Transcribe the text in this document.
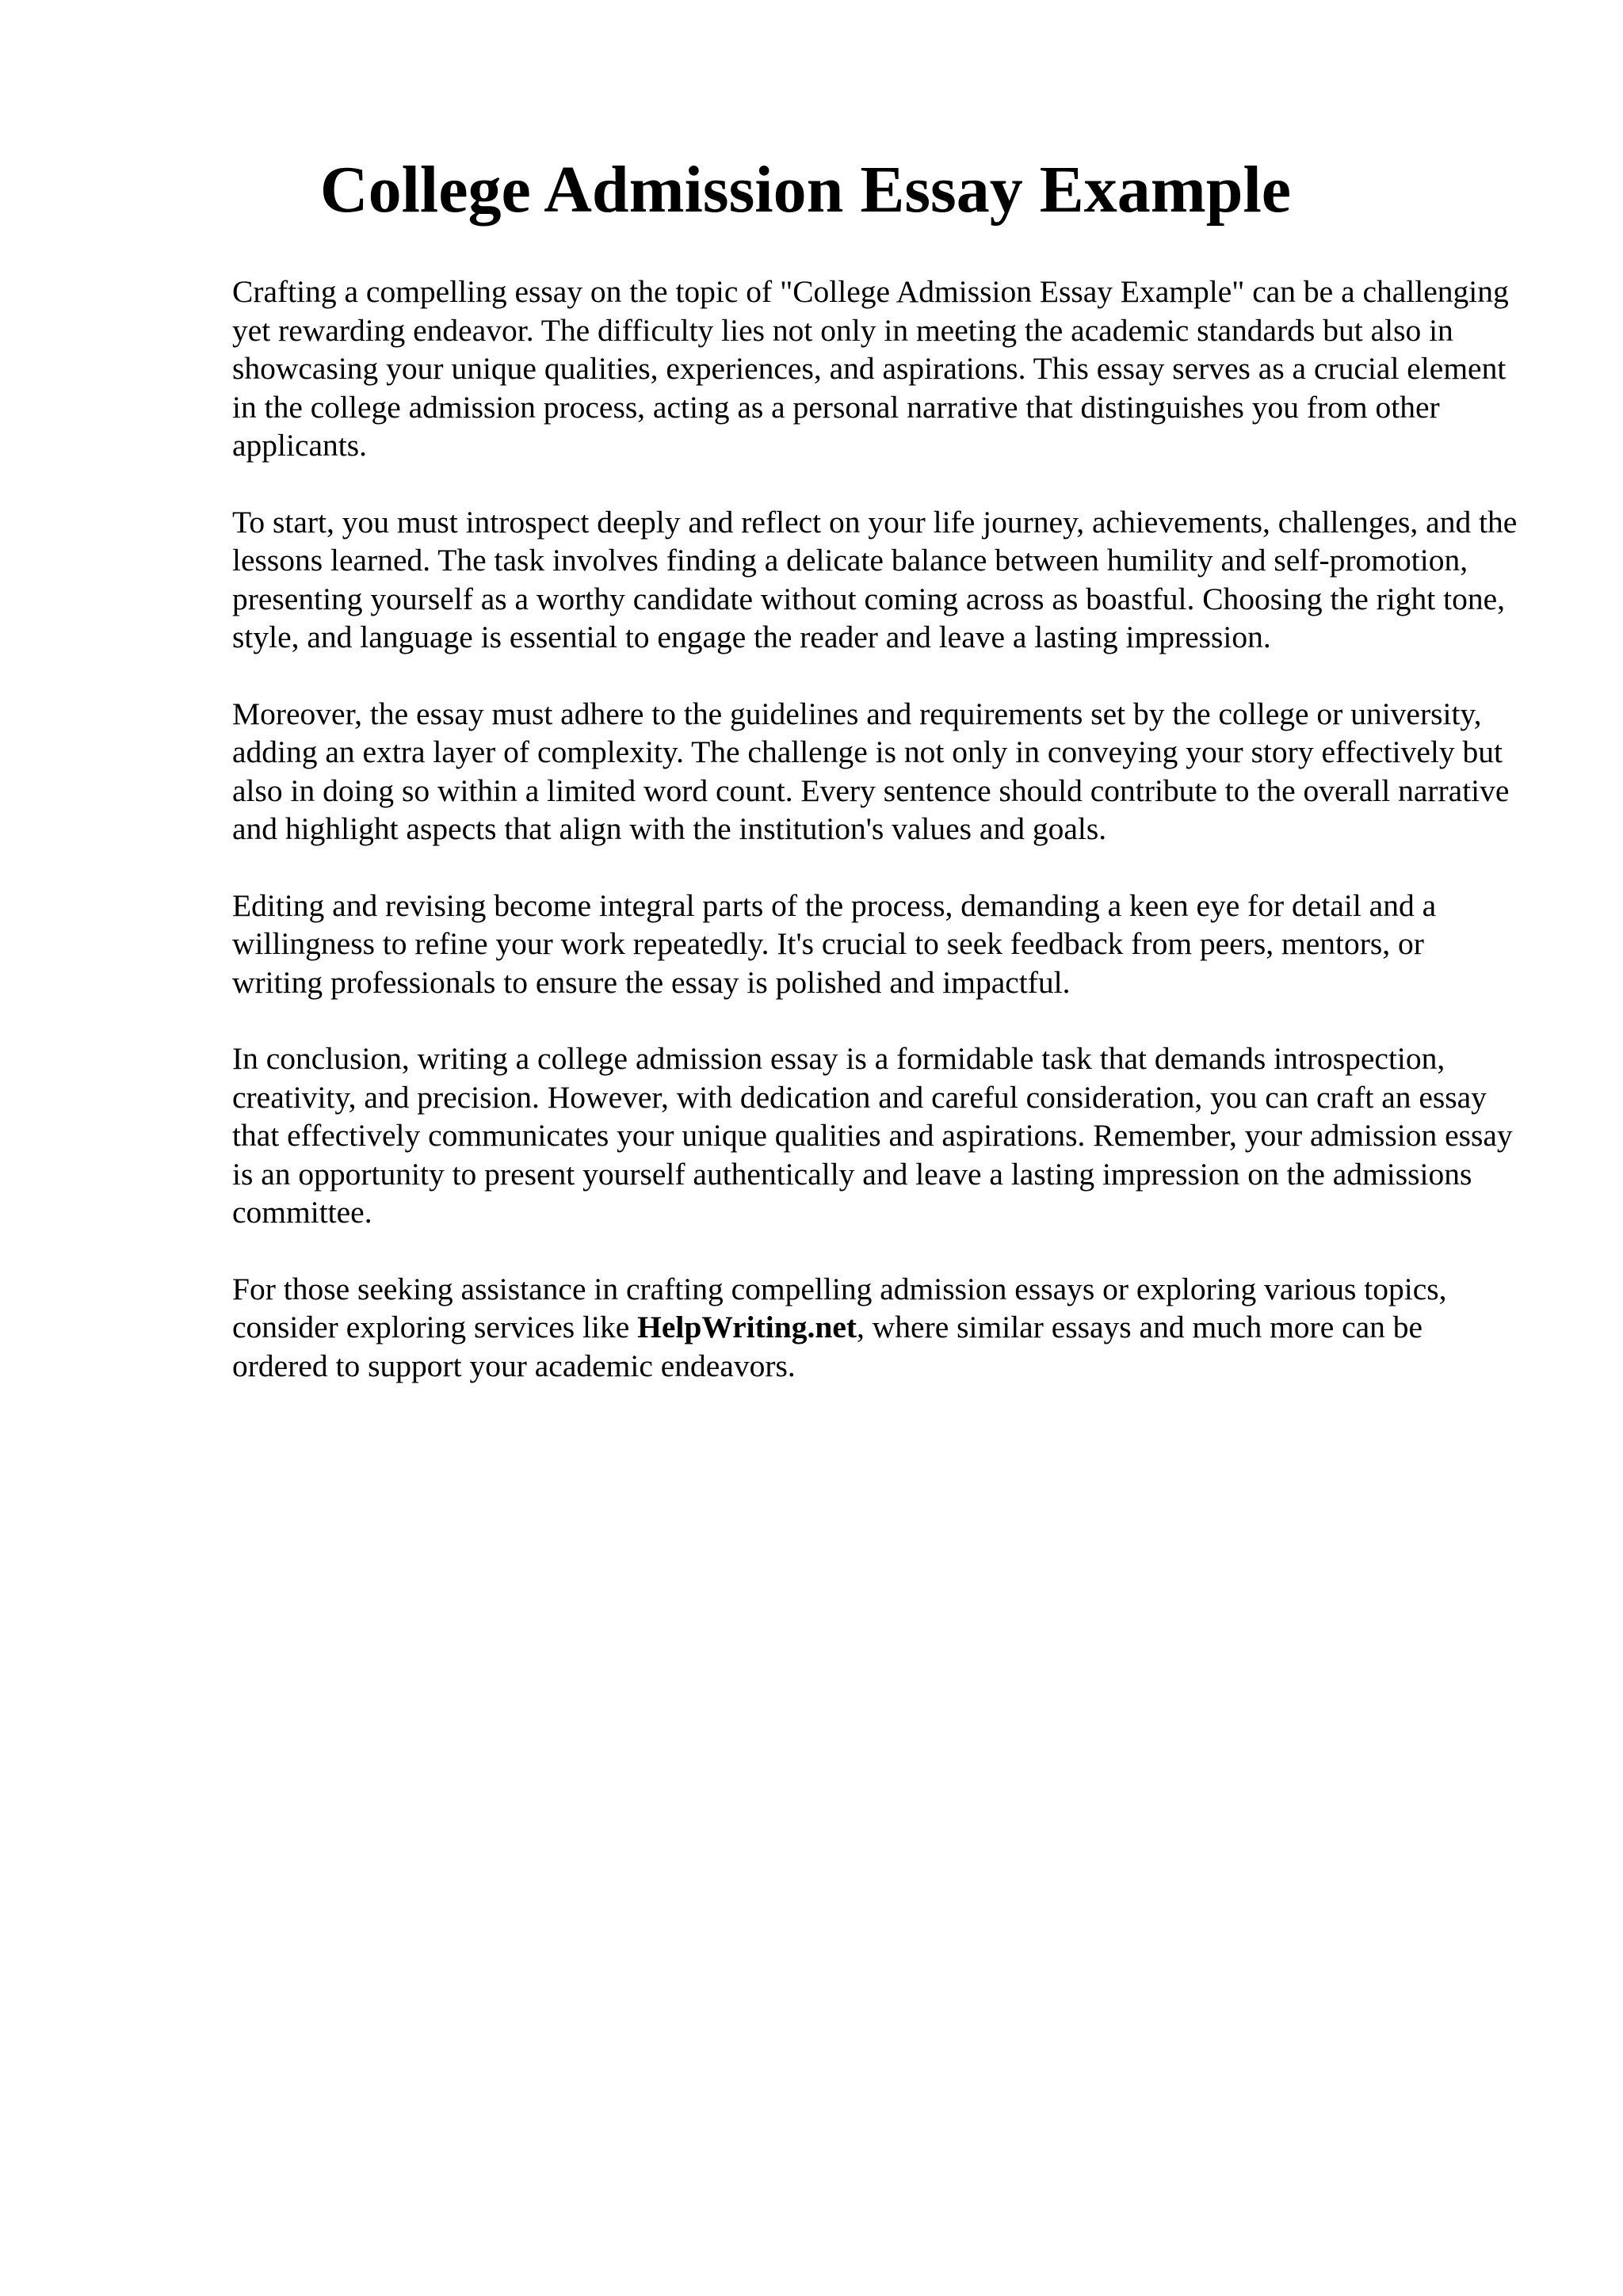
College Admission Essay Example

Crafting a compelling essay on the topic of "College Admission Essay Example" can be a challenging yet rewarding endeavor. The difficulty lies not only in meeting the academic standards but also in showcasing your unique qualities, experiences, and aspirations. This essay serves as a crucial element in the college admission process, acting as a personal narrative that distinguishes you from other applicants.

To start, you must introspect deeply and reflect on your life journey, achievements, challenges, and the lessons learned. The task involves finding a delicate balance between humility and self-promotion, presenting yourself as a worthy candidate without coming across as boastful. Choosing the right tone, style, and language is essential to engage the reader and leave a lasting impression.

Moreover, the essay must adhere to the guidelines and requirements set by the college or university, adding an extra layer of complexity. The challenge is not only in conveying your story effectively but also in doing so within a limited word count. Every sentence should contribute to the overall narrative and highlight aspects that align with the institution's values and goals.

Editing and revising become integral parts of the process, demanding a keen eye for detail and a willingness to refine your work repeatedly. It's crucial to seek feedback from peers, mentors, or writing professionals to ensure the essay is polished and impactful.

In conclusion, writing a college admission essay is a formidable task that demands introspection, creativity, and precision. However, with dedication and careful consideration, you can craft an essay that effectively communicates your unique qualities and aspirations. Remember, your admission essay is an opportunity to present yourself authentically and leave a lasting impression on the admissions committee.

For those seeking assistance in crafting compelling admission essays or exploring various topics, consider exploring services like HelpWriting.net, where similar essays and much more can be ordered to support your academic endeavors.
